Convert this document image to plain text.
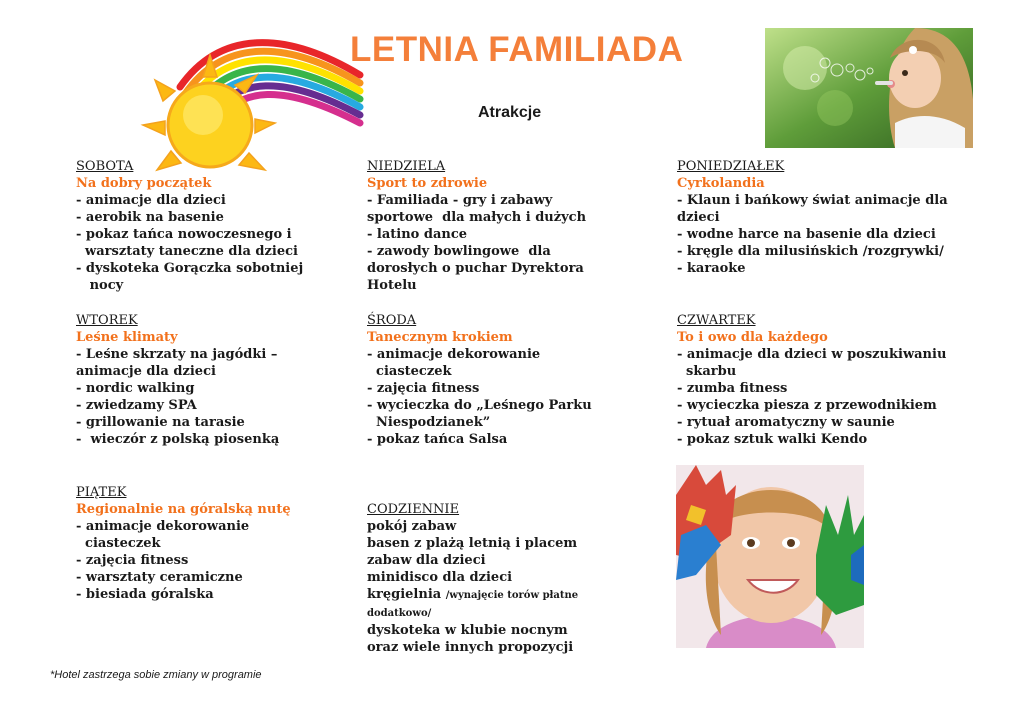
LETNIA FAMILIADA
Atrakcje
SOBOTA
Na dobry początek
- animacje dla dzieci
- aerobik na basenie
- pokaz tańca nowoczesnego i
warsztaty taneczne dla dzieci
- dyskoteka Gorączka sobotniej
nocy
NIEDZIELA
Sport to zdrowie
- Familiada - gry i zabawy
sportowe  dla małych i dużych
- latino dance
- zawody bowlingowe  dla
dorosłych o puchar Dyrektora
Hotelu
PONIEDZIAŁEK
Cyrkolandia
- Klaun i bańkowy świat animacje dla
dzieci
- wodne harce na basenie dla dzieci
- kręgle dla milusińskich /rozgrywki/
- karaoke
WTOREK
Leśne klimaty
- Leśne skrzaty na jagódki –
animacje dla dzieci
- nordic walking
- zwiedzamy SPA
- grillowanie na tarasie
-  wieczór z polską piosenką
ŚRODA
Tanecznym krokiem
- animacje dekorowanie
ciasteczek
- zajęcia fitness
- wycieczka do „Leśnego Parku
Niespodzianek”
- pokaz tańca Salsa
CZWARTEK
To i owo dla każdego
- animacje dla dzieci w poszukiwaniu
skarbu
- zumba fitness
- wycieczka piesza z przewodnikiem
- rytuał aromatyczny w saunie
- pokaz sztuk walki Kendo
PIĄTEK
Regionalnie na góralską nutę
- animacje dekorowanie
ciasteczek
- zajęcia fitness
- warsztaty ceramiczne
- biesiada góralska
CODZIENNIE
pokój zabaw
basen z plażą letnią i placem
zabaw dla dzieci
minidisco dla dzieci
kręgielnia /wynajęcie torów płatne dodatkowo/
dyskoteka w klubie nocnym
oraz wiele innych propozycji
*Hotel zastrzega sobie zmiany w programie
